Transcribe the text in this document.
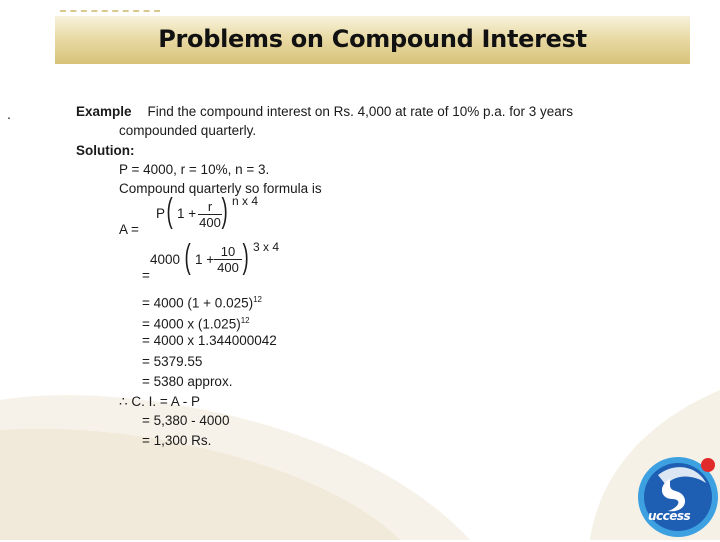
Problems on Compound Interest
.	Example Find the compound interest on Rs. 4,000 at rate of 10% p.a. for 3 years
compounded quarterly.
Solution:
P = 4000, r = 10%, n = 3.
Compound quarterly so formula is
A =
P ( $1 + \frac{r}{400}$ ) n x 4
=
4000 ( $1 + \frac{10}{400}$ ) 3 x 4
= 4000 $(1 + 0.025)^{12}$
= 4000 x $(1.025)^{12}$
= 4000 x 1.344000042
= 5379.55
= 5380 approx.
∴ C. I. = A - P
= 5,380 - 4000
= 1,300 Rs.
uccess
